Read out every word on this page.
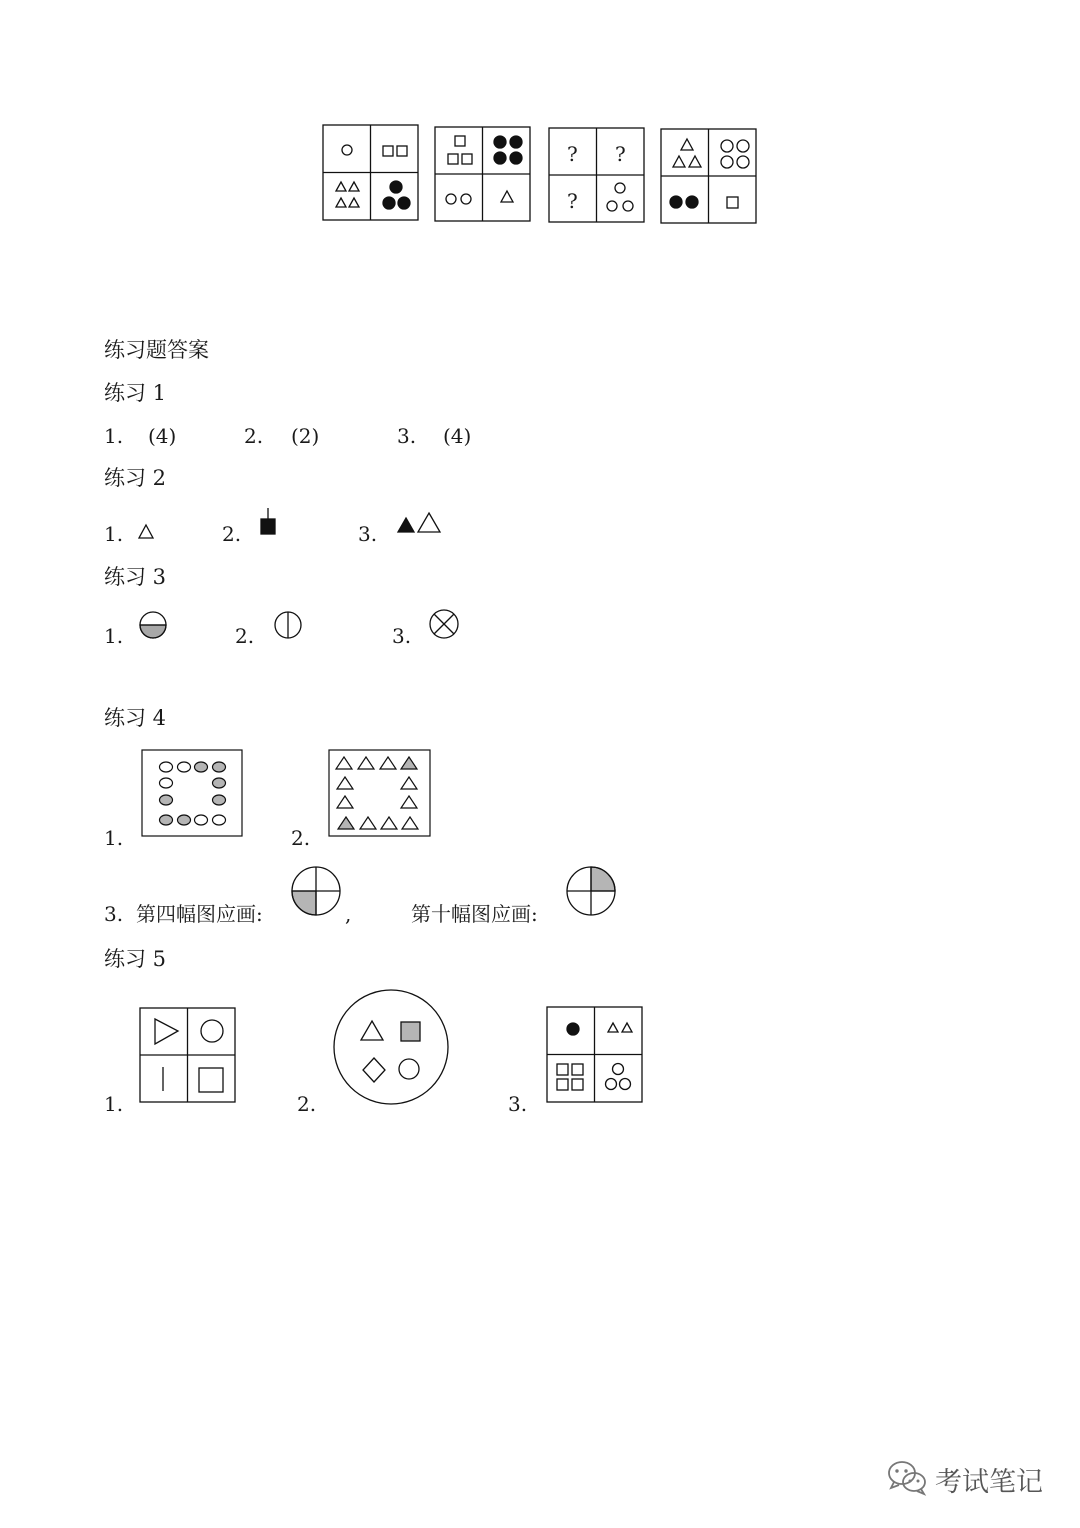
? ?
?
练习题答案
练习 1
1. (4)	2. (2)	3. (4)
练习 2
1.	2.	3.
练习 3
1.	2.	3.
练习 4
1.	2.
3. 第四幅图应画:	,	第十幅图应画:
练习 5
1.	2.	3.
考试笔记
